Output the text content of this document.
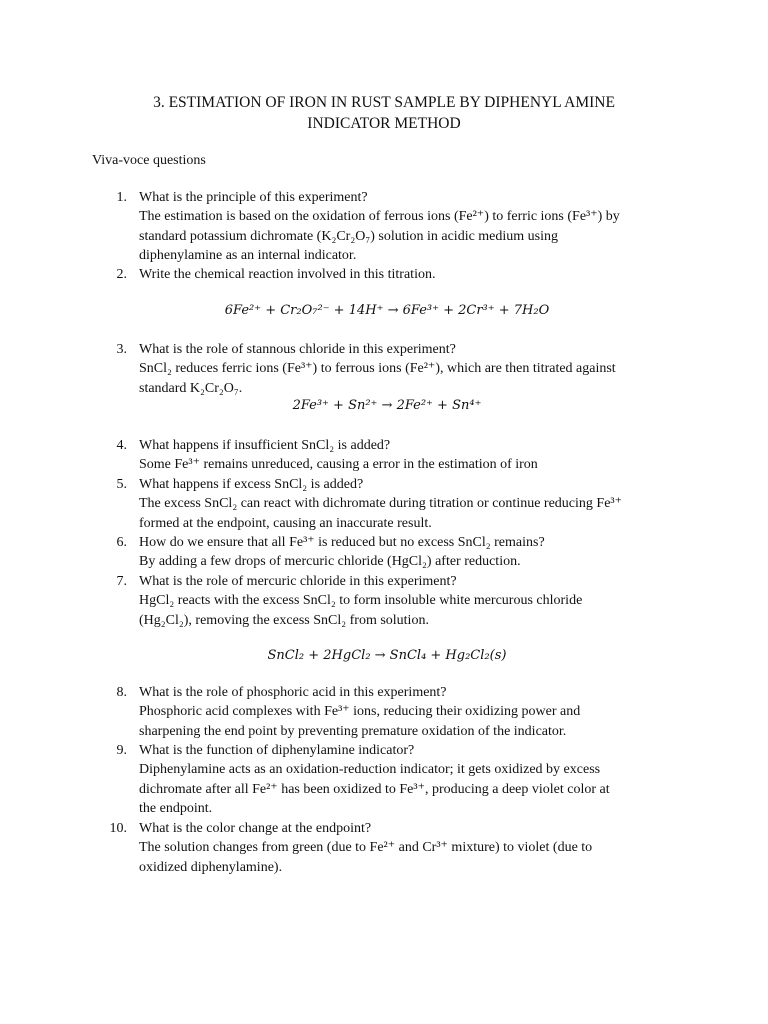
3. ESTIMATION OF IRON IN RUST SAMPLE BY DIPHENYL AMINE
INDICATOR METHOD
Viva-voce questions
1. What is the principle of this experiment?
The estimation is based on the oxidation of ferrous ions (Fe²⁺) to ferric ions (Fe³⁺) by
standard potassium dichromate (K₂Cr₂O₇) solution in acidic medium using
diphenylamine as an internal indicator.
2. Write the chemical reaction involved in this titration.
6Fe²⁺ + Cr₂O₇²⁻ + 14H⁺ → 6Fe³⁺ + 2Cr³⁺ + 7H₂O
3. What is the role of stannous chloride in this experiment?
SnCl₂ reduces ferric ions (Fe³⁺) to ferrous ions (Fe²⁺), which are then titrated against
standard K₂Cr₂O₇.
2Fe³⁺ + Sn²⁺ → 2Fe²⁺ + Sn⁴⁺
4. What happens if insufficient SnCl₂ is added?
Some Fe³⁺ remains unreduced, causing a error in the estimation of iron
5. What happens if excess SnCl₂ is added?
The excess SnCl₂ can react with dichromate during titration or continue reducing Fe³⁺
formed at the endpoint, causing an inaccurate result.
6. How do we ensure that all Fe³⁺ is reduced but no excess SnCl₂ remains?
By adding a few drops of mercuric chloride (HgCl₂) after reduction.
7. What is the role of mercuric chloride in this experiment?
HgCl₂ reacts with the excess SnCl₂ to form insoluble white mercurous chloride
(Hg₂Cl₂), removing the excess SnCl₂ from solution.
SnCl₂ + 2HgCl₂ → SnCl₄ + Hg₂Cl₂(s)
8. What is the role of phosphoric acid in this experiment?
Phosphoric acid complexes with Fe³⁺ ions, reducing their oxidizing power and
sharpening the end point by preventing premature oxidation of the indicator.
9. What is the function of diphenylamine indicator?
Diphenylamine acts as an oxidation-reduction indicator; it gets oxidized by excess
dichromate after all Fe²⁺ has been oxidized to Fe³⁺, producing a deep violet color at
the endpoint.
10. What is the color change at the endpoint?
The solution changes from green (due to Fe²⁺ and Cr³⁺ mixture) to violet (due to
oxidized diphenylamine).
